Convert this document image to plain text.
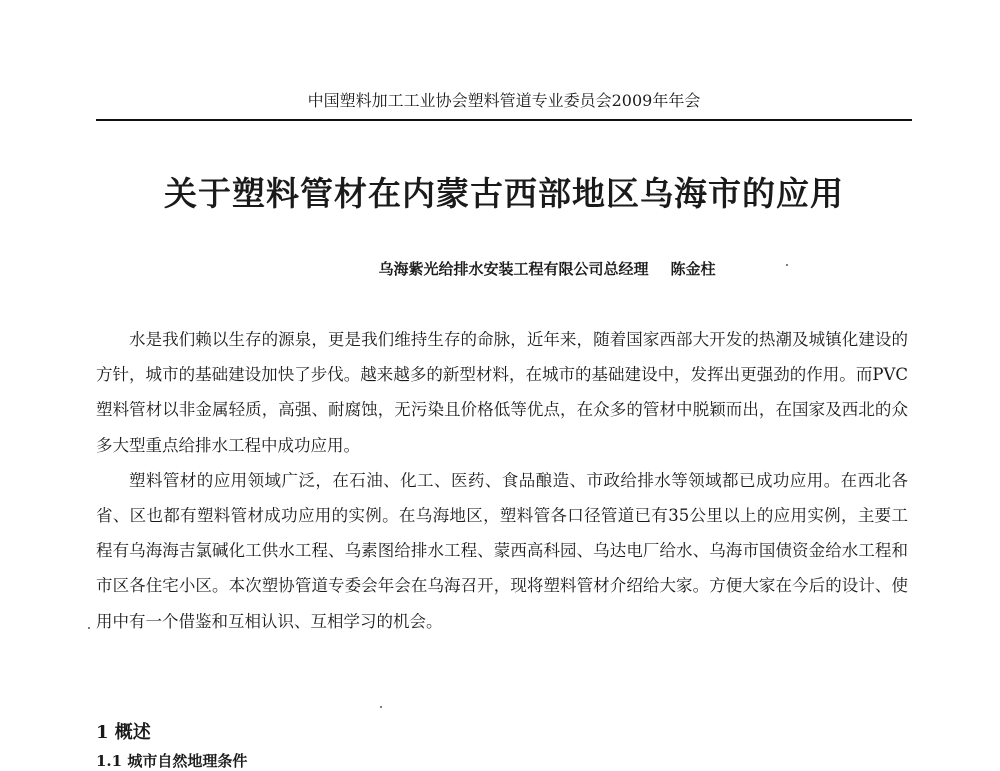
中国塑料加工工业协会塑料管道专业委员会2009年年会
关于塑料管材在内蒙古西部地区乌海市的应用
乌海紫光给排水安装工程有限公司总经理 陈金柱

水是我们赖以生存的源泉，更是我们维持生存的命脉，近年来，随着国家西部大开发的热潮及城镇化建设的方针，城市的基础建设加快了步伐。越来越多的新型材料，在城市的基础建设中，发挥出更强劲的作用。而PVC塑料管材以非金属轻质，高强、耐腐蚀，无污染且价格低等优点，在众多的管材中脱颖而出，在国家及西北的众多大型重点给排水工程中成功应用。

塑料管材的应用领域广泛，在石油、化工、医药、食品酿造、市政给排水等领域都已成功应用。在西北各省、区也都有塑料管材成功应用的实例。在乌海地区，塑料管各口径管道已有35公里以上的应用实例，主要工程有乌海海吉氯碱化工供水工程、乌素图给排水工程、蒙西高科园、乌达电厂给水、乌海市国债资金给水工程和市区各住宅小区。本次塑协管道专委会年会在乌海召开，现将塑料管材介绍给大家。方便大家在今后的设计、使用中有一个借鉴和互相认识、互相学习的机会。

1 概述
1.1 城市自然地理条件
